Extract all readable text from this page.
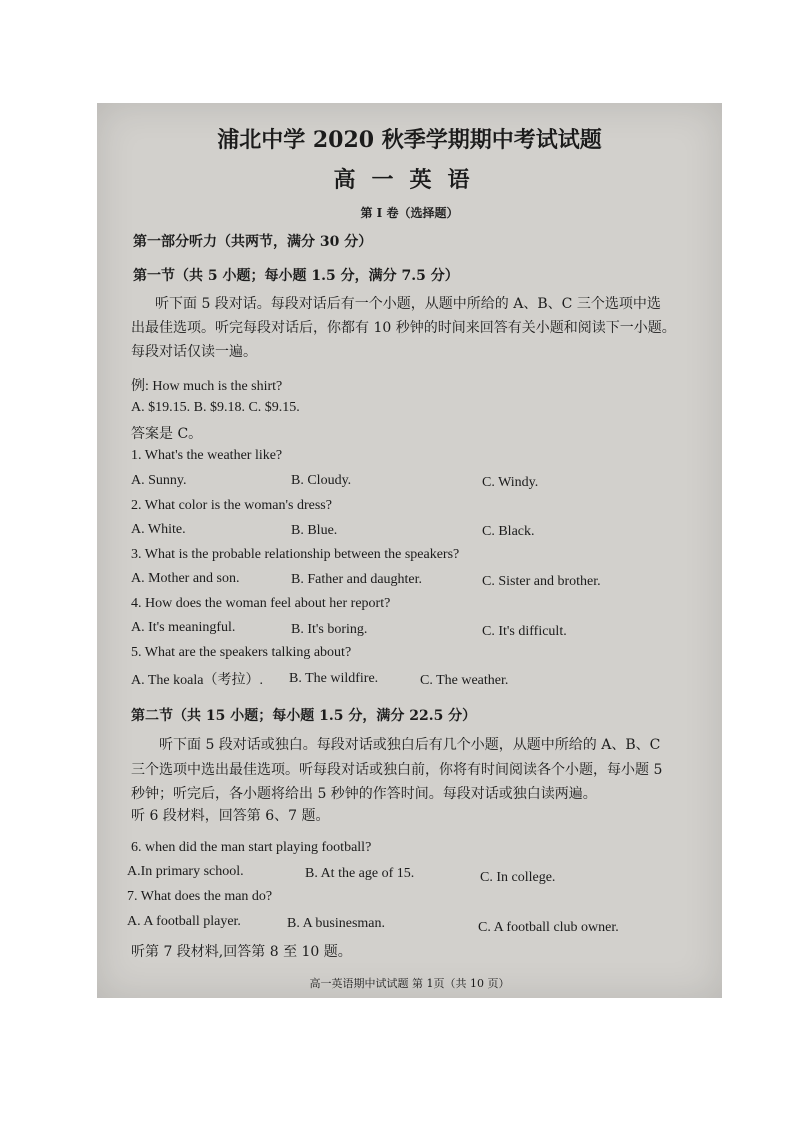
浦北中学 2020 秋季学期期中考试试题
高一英语
第 I 卷（选择题）
第一部分听力（共两节，满分 30 分）
第一节（共 5 小题；每小题 1.5 分，满分 7.5 分）
听下面 5 段对话。每段对话后有一个小题，从题中所给的 A、B、C 三个选项中选
出最佳选项。听完每段对话后，你都有 10 秒钟的时间来回答有关小题和阅读下一小题。
每段对话仅读一遍。
例: How much is the shirt?
A. $19.15. B. $9.18. C. $9.15.
答案是 C。
1. What's the weather like?
A. Sunny.	B. Cloudy.	C. Windy.
2. What color is the woman's dress?
A. White.	B. Blue.	C. Black.
3. What is the probable relationship between the speakers?
A. Mother and son.	B. Father and daughter.	C. Sister and brother.
4. How does the woman feel about her report?
A. It's meaningful.	B. It's boring.	C. It's difficult.
5. What are the speakers talking about?
A. The koala（考拉）. B. The wildfire.	C. The weather.
第二节（共 15 小题；每小题 1.5 分，满分 22.5 分）
听下面 5 段对话或独白。每段对话或独白后有几个小题，从题中所给的 A、B、C
三个选项中选出最佳选项。听每段对话或独白前，你将有时间阅读各个小题，每小题 5
秒钟；听完后，各小题将给出 5 秒钟的作答时间。每段对话或独白读两遍。
听 6 段材料，回答第 6、7 题。
6. when did the man start playing football?
A.In primary school.	B. At the age of 15.	C. In college.
7. What does the man do?
A. A football player.	B. A businesman.	C. A football club owner.
听第 7 段材料,回答第 8 至 10 题。
高一英语期中试试题 第 1页（共 10 页）
